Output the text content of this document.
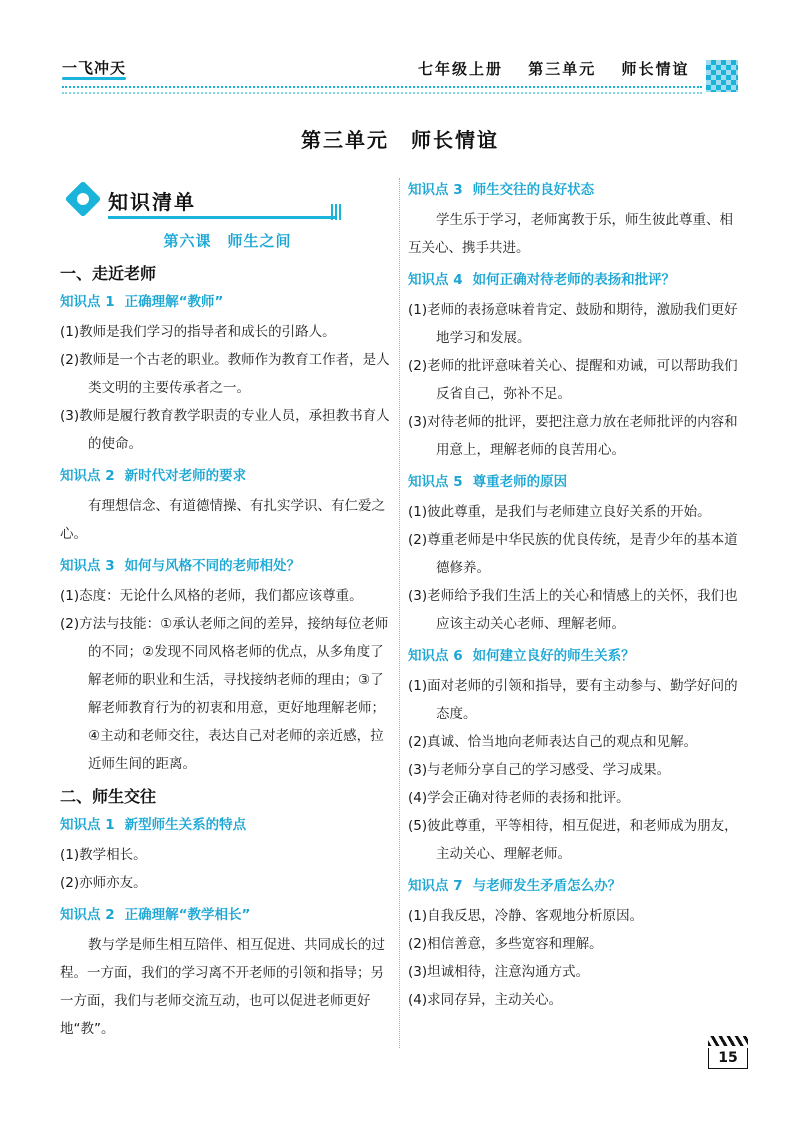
一飞冲天	七年级上册 第三单元 师长情谊
第三单元　师长情谊
知识清单
第六课　师生之间
一、走近老师
知识点 1 正确理解“教师”
(1)教师是我们学习的指导者和成长的引路人。
(2)教师是一个古老的职业。教师作为教育工作者，是人类文明的主要传承者之一。
(3)教师是履行教育教学职责的专业人员，承担教书育人的使命。
知识点 2 新时代对老师的要求
有理想信念、有道德情操、有扎实学识、有仁爱之心。
知识点 3 如何与风格不同的老师相处？
(1)态度：无论什么风格的老师，我们都应该尊重。
(2)方法与技能：①承认老师之间的差异，接纳每位老师的不同；②发现不同风格老师的优点，从多角度了解老师的职业和生活，寻找接纳老师的理由；③了解老师教育行为的初衷和用意，更好地理解老师；④主动和老师交往，表达自己对老师的亲近感，拉近师生间的距离。
二、师生交往
知识点 1 新型师生关系的特点
(1)教学相长。
(2)亦师亦友。
知识点 2 正确理解“教学相长”
教与学是师生相互陪伴、相互促进、共同成长的过程。一方面，我们的学习离不开老师的引领和指导；另一方面，我们与老师交流互动，也可以促进老师更好地“教”。
知识点 3 师生交往的良好状态
学生乐于学习，老师寓教于乐，师生彼此尊重、相互关心、携手共进。
知识点 4 如何正确对待老师的表扬和批评？
(1)老师的表扬意味着肯定、鼓励和期待，激励我们更好地学习和发展。
(2)老师的批评意味着关心、提醒和劝诫，可以帮助我们反省自己，弥补不足。
(3)对待老师的批评，要把注意力放在老师批评的内容和用意上，理解老师的良苦用心。
知识点 5 尊重老师的原因
(1)彼此尊重，是我们与老师建立良好关系的开始。
(2)尊重老师是中华民族的优良传统，是青少年的基本道德修养。
(3)老师给予我们生活上的关心和情感上的关怀，我们也应该主动关心老师、理解老师。
知识点 6 如何建立良好的师生关系？
(1)面对老师的引领和指导，要有主动参与、勤学好问的态度。
(2)真诚、恰当地向老师表达自己的观点和见解。
(3)与老师分享自己的学习感受、学习成果。
(4)学会正确对待老师的表扬和批评。
(5)彼此尊重，平等相待，相互促进，和老师成为朋友，主动关心、理解老师。
知识点 7 与老师发生矛盾怎么办？
(1)自我反思，冷静、客观地分析原因。
(2)相信善意，多些宽容和理解。
(3)坦诚相待，注意沟通方式。
(4)求同存异，主动关心。
15
